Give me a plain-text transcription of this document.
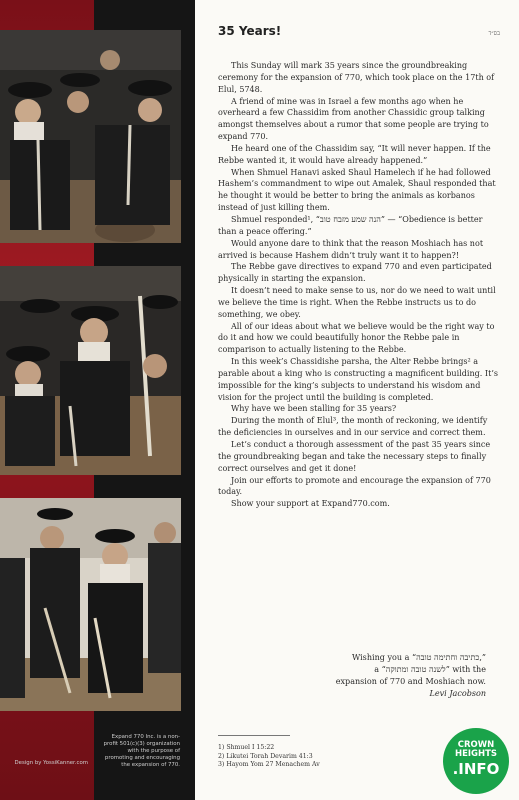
Design by YossiKanner.com
Expand 770 Inc. is a non-profit 501(c)(3) organization with the purpose of promoting and encouraging the expansion of 770.
35 Years!	בס״ד

This Sunday will mark 35 years since the groundbreaking ceremony for the expansion of 770, which took place on the 17th of Elul, 5748.

A friend of mine was in Israel a few months ago when he overheard a few Chassidim from another Chassidic group talking amongst themselves about a rumor that some people are trying to expand 770.

He heard one of the Chassidim say, “It will never happen. If the Rebbe wanted it, it would have already happened.”

When Shmuel Hanavi asked Shaul Hamelech if he had followed Hashem’s commandment to wipe out Amalek, Shaul responded that he thought it would be better to bring the animals as korbanos instead of just killing them.

Shmuel responded¹, “הנה שמע מזבח טוב” — “Obedience is better than a peace offering.”

Would anyone dare to think that the reason Moshiach has not arrived is because Hashem didn’t truly want it to happen?!

The Rebbe gave directives to expand 770 and even participated physically in starting the expansion.

It doesn’t need to make sense to us, nor do we need to wait until we believe the time is right. When the Rebbe instructs us to do something, we obey.

All of our ideas about what we believe would be the right way to do it and how we could beautifully honor the Rebbe pale in comparison to actually listening to the Rebbe.

In this week’s Chassidishe parsha, the Alter Rebbe brings² a parable about a king who is constructing a magnificent building. It’s impossible for the king’s subjects to understand his wisdom and vision for the project until the building is completed.

Why have we been stalling for 35 years?

During the month of Elul³, the month of reckoning, we identify the deficiencies in ourselves and in our service and correct them.

Let’s conduct a thorough assessment of the past 35 years since the groundbreaking began and take the necessary steps to finally correct ourselves and get it done!

Join our efforts to promote and encourage the expansion of 770 today.

Show your support at Expand770.com.

Wishing you a “כתיבה וחתימה טובה,”
a “לשנה טובה ומתוקה” with the
expansion of 770 and Moshiach now.
Levi Jacobson
1) Shmuel I 15:22
2) Likutei Torah Devarim 41:3
3) Hayom Yom 27 Menachem Av
CROWN
HEIGHTS
.INFO
